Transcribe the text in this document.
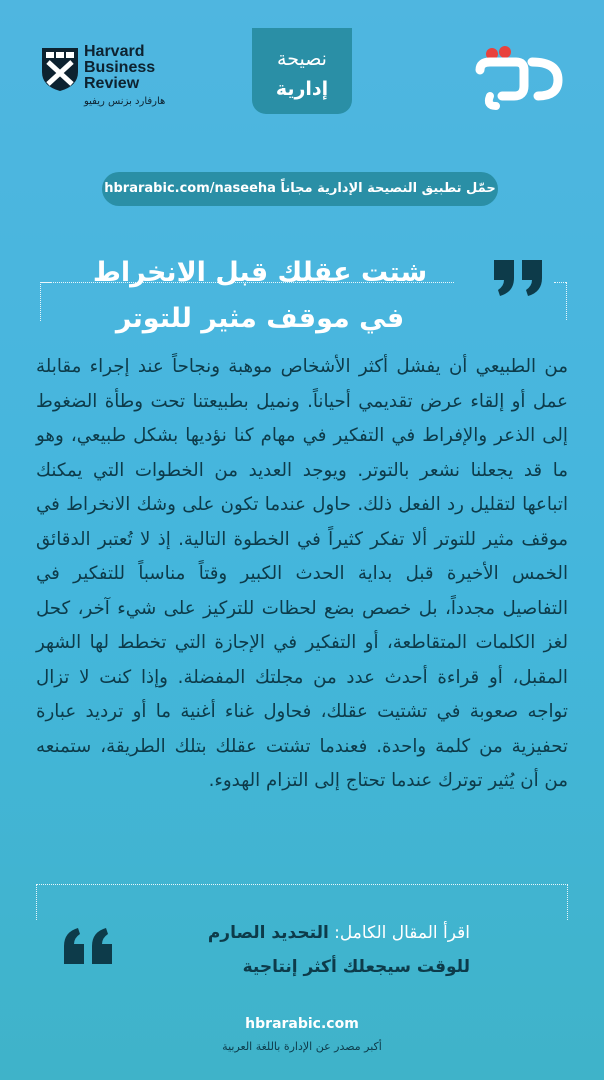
Harvard
Business
Review
هارفارد بزنس ريفيو
نصيحة
إدارية
حمّل تطبيق النصيحة الإدارية مجاناً hbrarabic.com/naseeha
شتت عقلك قبل الانخراط
في موقف مثير للتوتر
من الطبيعي أن يفشل أكثر الأشخاص موهبة ونجاحاً عند إجراء مقابلة عمل أو إلقاء عرض تقديمي أحياناً. ونميل بطبيعتنا تحت وطأة الضغوط إلى الذعر والإفراط في التفكير في مهام كنا نؤديها بشكل طبيعي، وهو ما قد يجعلنا نشعر بالتوتر. ويوجد العديد من الخطوات التي يمكنك اتباعها لتقليل رد الفعل ذلك. حاول عندما تكون على وشك الانخراط في موقف مثير للتوتر ألا تفكر كثيراً في الخطوة التالية. إذ لا تُعتبر الدقائق الخمس الأخيرة قبل بداية الحدث الكبير وقتاً مناسباً للتفكير في التفاصيل مجدداً، بل خصص بضع لحظات للتركيز على شيء آخر، كحل لغز الكلمات المتقاطعة، أو التفكير في الإجازة التي تخطط لها الشهر المقبل، أو قراءة أحدث عدد من مجلتك المفضلة. وإذا كنت لا تزال تواجه صعوبة في تشتيت عقلك، فحاول غناء أغنية ما أو ترديد عبارة تحفيزية من كلمة واحدة. فعندما تشتت عقلك بتلك الطريقة، ستمنعه من أن يُثير توترك عندما تحتاج إلى التزام الهدوء.
اقرأ المقال الكامل: التحديد الصارم
للوقت سيجعلك أكثر إنتاجية
hbrarabic.com
أكبر مصدر عن الإدارة باللغة العربية
